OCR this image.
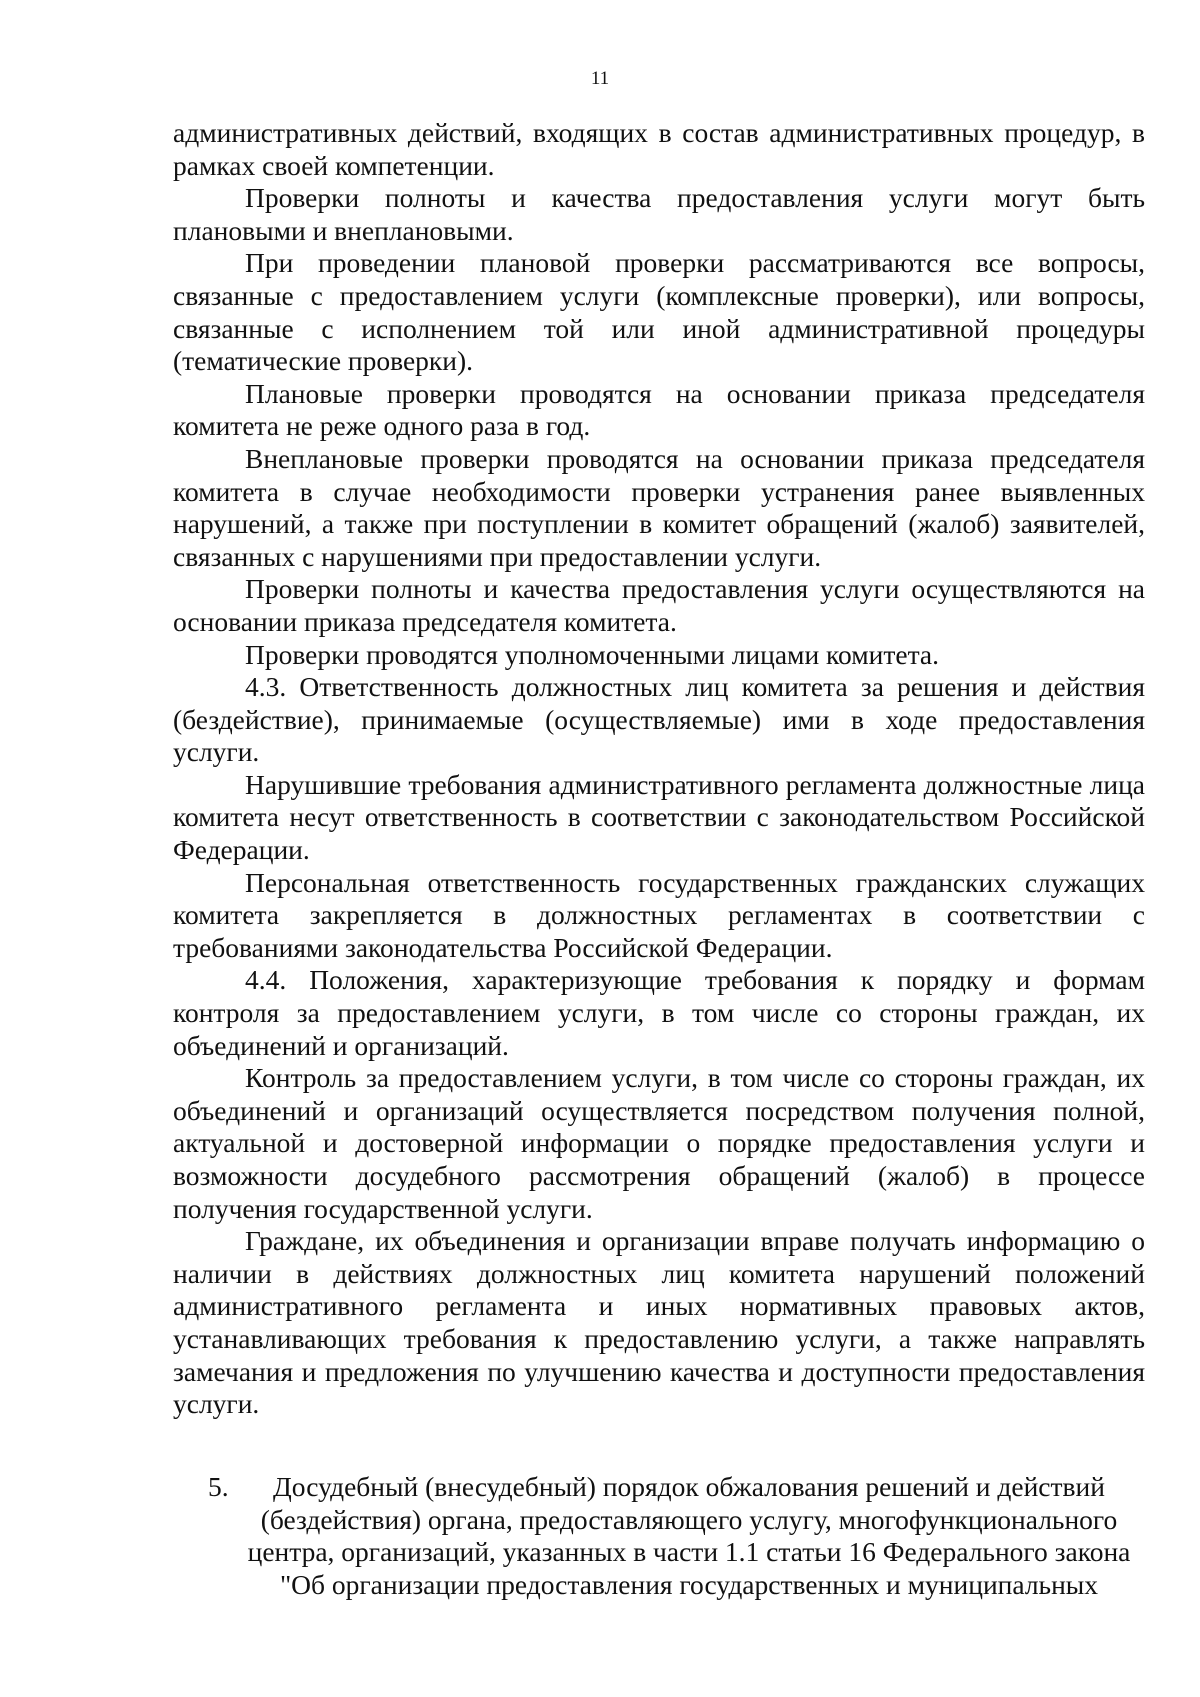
11

административных действий, входящих в состав административных процедур, в рамках своей компетенции.

Проверки полноты и качества предоставления услуги могут быть плановыми и внеплановыми.

При проведении плановой проверки рассматриваются все вопросы, связанные с предоставлением услуги (комплексные проверки), или вопросы, связанные с исполнением той или иной административной процедуры (тематические проверки).

Плановые проверки проводятся на основании приказа председателя комитета не реже одного раза в год.

Внеплановые проверки проводятся на основании приказа председателя комитета в случае необходимости проверки устранения ранее выявленных нарушений, а также при поступлении в комитет обращений (жалоб) заявителей, связанных с нарушениями при предоставлении услуги.

Проверки полноты и качества предоставления услуги осуществляются на основании приказа председателя комитета.

Проверки проводятся уполномоченными лицами комитета.

4.3. Ответственность должностных лиц комитета за решения и действия (бездействие), принимаемые (осуществляемые) ими в ходе предоставления услуги.

Нарушившие требования административного регламента должностные лица комитета несут ответственность в соответствии с законодательством Российской Федерации.

Персональная ответственность государственных гражданских служащих комитета закрепляется в должностных регламентах в соответствии с требованиями законодательства Российской Федерации.

4.4. Положения, характеризующие требования к порядку и формам контроля за предоставлением услуги, в том числе со стороны граждан, их объединений и организаций.

Контроль за предоставлением услуги, в том числе со стороны граждан, их объединений и организаций осуществляется посредством получения полной, актуальной и достоверной информации о порядке предоставления услуги и возможности досудебного рассмотрения обращений (жалоб) в процессе получения государственной услуги.

Граждане, их объединения и организации вправе получать информацию о наличии в действиях должностных лиц комитета нарушений положений административного регламента и иных нормативных правовых актов, устанавливающих требования к предоставлению услуги, а также направлять замечания и предложения по улучшению качества и доступности предоставления услуги.

5.	Досудебный (внесудебный) порядок обжалования решений и действий (бездействия) органа, предоставляющего услугу, многофункционального центра, организаций, указанных в части 1.1 статьи 16 Федерального закона "Об организации предоставления государственных и муниципальных
